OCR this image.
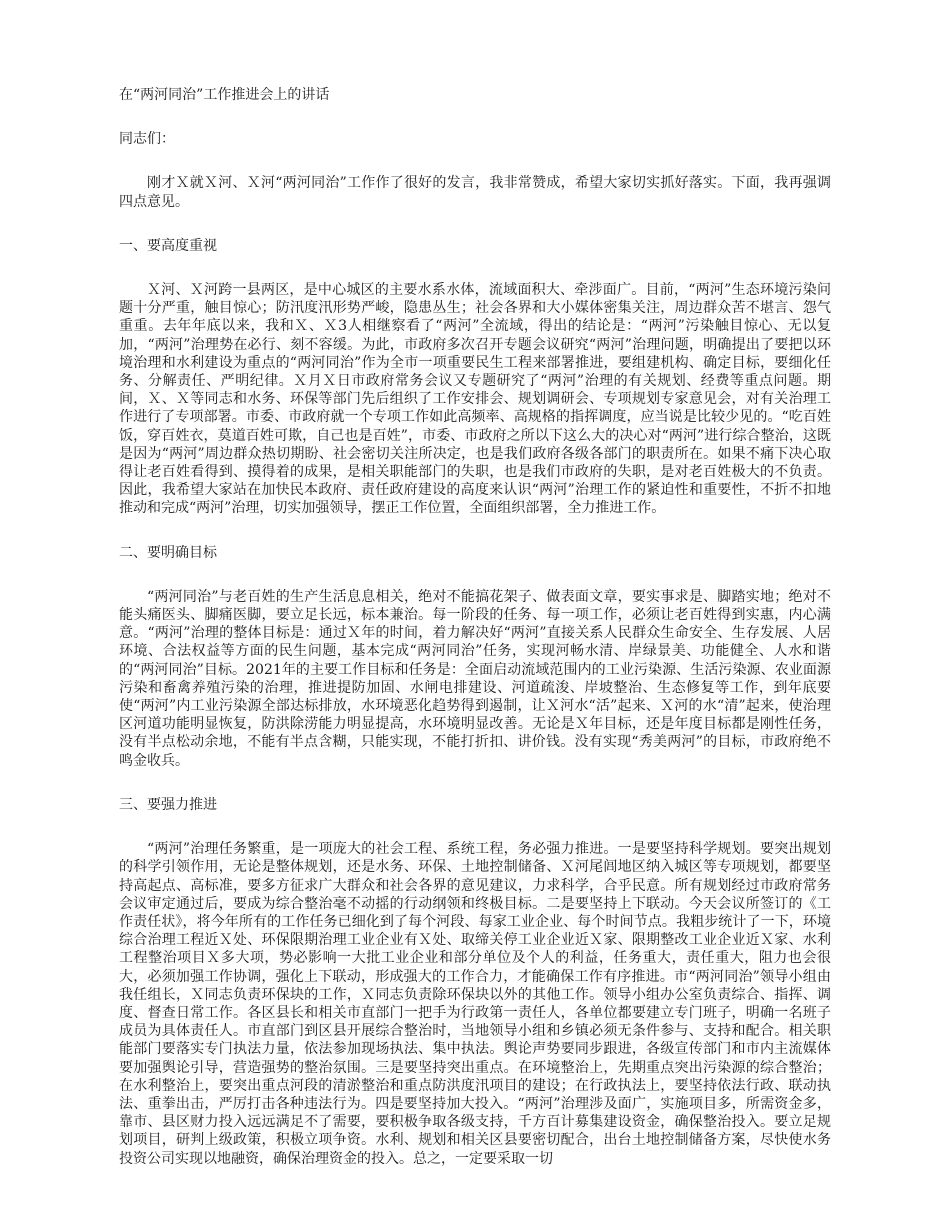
在“两河同治”工作推进会上的讲话

同志们：

刚才Ｘ就Ｘ河、Ｘ河“两河同治”工作作了很好的发言，我非常赞成，希望大家切实抓好落实。下面，我再强调四点意见。

一、要高度重视

Ｘ河、Ｘ河跨一县两区，是中心城区的主要水系水体，流域面积大、牵涉面广。目前，“两河”生态环境污染问题十分严重，触目惊心；防汛度汛形势严峻，隐患丛生；社会各界和大小媒体密集关注，周边群众苦不堪言、怨气重重。去年年底以来，我和Ｘ、Ｘ3人相继察看了“两河”全流域，得出的结论是：“两河”污染触目惊心、无以复加，“两河”治理势在必行、刻不容缓。为此，市政府多次召开专题会议研究“两河”治理问题，明确提出了要把以环境治理和水利建设为重点的“两河同治”作为全市一项重要民生工程来部署推进，要组建机构、确定目标，要细化任务、分解责任、严明纪律。Ｘ月Ｘ日市政府常务会议又专题研究了“两河”治理的有关规划、经费等重点问题。期间，Ｘ、Ｘ等同志和水务、环保等部门先后组织了工作安排会、规划调研会、专项规划专家意见会，对有关治理工作进行了专项部署。市委、市政府就一个专项工作如此高频率、高规格的指挥调度，应当说是比较少见的。“吃百姓饭，穿百姓衣，莫道百姓可欺，自己也是百姓”，市委、市政府之所以下这么大的决心对“两河”进行综合整治，这既是因为“两河”周边群众热切期盼、社会密切关注所决定，也是我们政府各级各部门的职责所在。如果不痛下决心取得让老百姓看得到、摸得着的成果，是相关职能部门的失职，也是我们市政府的失职，是对老百姓极大的不负责。因此，我希望大家站在加快民本政府、责任政府建设的高度来认识“两河”治理工作的紧迫性和重要性，不折不扣地推动和完成“两河”治理，切实加强领导，摆正工作位置，全面组织部署，全力推进工作。

二、要明确目标

“两河同治”与老百姓的生产生活息息相关，绝对不能搞花架子、做表面文章，要实事求是、脚踏实地；绝对不能头痛医头、脚痛医脚，要立足长远，标本兼治。每一阶段的任务、每一项工作，必须让老百姓得到实惠，内心满意。“两河”治理的整体目标是：通过Ｘ年的时间，着力解决好“两河”直接关系人民群众生命安全、生存发展、人居环境、合法权益等方面的民生问题，基本完成“两河同治”任务，实现河畅水清、岸绿景美、功能健全、人水和谐的“两河同治”目标。2021年的主要工作目标和任务是：全面启动流域范围内的工业污染源、生活污染源、农业面源污染和畜禽养殖污染的治理，推进提防加固、水闸电排建设、河道疏浚、岸坡整治、生态修复等工作，到年底要使“两河”内工业污染源全部达标排放，水环境恶化趋势得到遏制，让Ｘ河水“活”起来、Ｘ河的水“清”起来，使治理区河道功能明显恢复，防洪除涝能力明显提高，水环境明显改善。无论是Ｘ年目标，还是年度目标都是刚性任务，没有半点松动余地，不能有半点含糊，只能实现，不能打折扣、讲价钱。没有实现“秀美两河”的目标，市政府绝不鸣金收兵。

三、要强力推进

“两河”治理任务繁重，是一项庞大的社会工程、系统工程，务必强力推进。一是要坚持科学规划。要突出规划的科学引领作用，无论是整体规划，还是水务、环保、土地控制储备、Ｘ河尾闾地区纳入城区等专项规划，都要坚持高起点、高标准，要多方征求广大群众和社会各界的意见建议，力求科学，合乎民意。所有规划经过市政府常务会议审定通过后，要成为综合整治毫不动摇的行动纲领和终极目标。二是要坚持上下联动。今天会议所签订的《工作责任状》，将今年所有的工作任务已细化到了每个河段、每家工业企业、每个时间节点。我粗步统计了一下，环境综合治理工程近Ｘ处、环保限期治理工业企业有Ｘ处、取缔关停工业企业近Ｘ家、限期整改工业企业近Ｘ家、水利工程整治项目Ｘ多大项，势必影响一大批工业企业和部分单位及个人的利益，任务重大，责任重大，阻力也会很大，必须加强工作协调，强化上下联动，形成强大的工作合力，才能确保工作有序推进。市“两河同治”领导小组由我任组长，Ｘ同志负责环保块的工作，Ｘ同志负责除环保块以外的其他工作。领导小组办公室负责综合、指挥、调度、督查日常工作。各区县长和相关市直部门一把手为行政第一责任人，各单位都要建立专门班子，明确一名班子成员为具体责任人。市直部门到区县开展综合整治时，当地领导小组和乡镇必须无条件参与、支持和配合。相关职能部门要落实专门执法力量，依法参加现场执法、集中执法。舆论声势要同步跟进，各级宣传部门和市内主流媒体要加强舆论引导，营造强势的整治氛围。三是要坚持突出重点。在环境整治上，先期重点突出污染源的综合整治；在水利整治上，要突出重点河段的清淤整治和重点防洪度汛项目的建设；在行政执法上，要坚持依法行政、联动执法、重拳出击，严厉打击各种违法行为。四是要坚持加大投入。“两河”治理涉及面广，实施项目多，所需资金多，靠市、县区财力投入远远满足不了需要，要积极争取各级支持，千方百计募集建设资金，确保整治投入。要立足规划项目，研判上级政策，积极立项争资。水利、规划和相关区县要密切配合，出台土地控制储备方案，尽快使水务投资公司实现以地融资，确保治理资金的投入。总之，一定要采取一切
